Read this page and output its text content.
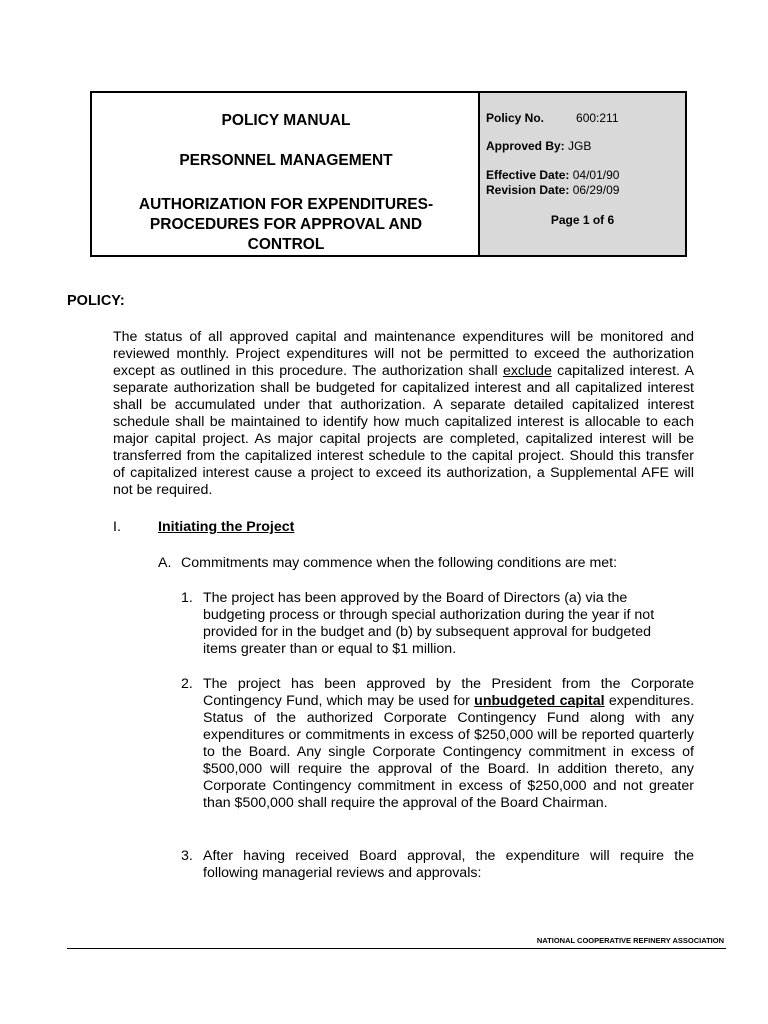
POLICY MANUAL
PERSONNEL MANAGEMENT
AUTHORIZATION FOR EXPENDITURES-
PROCEDURES FOR APPROVAL AND
CONTROL
Policy No.	600:211
Approved By: JGB
Effective Date: 04/01/90
Revision Date: 06/29/09
Page 1 of 6
POLICY:

The status of all approved capital and maintenance expenditures will be monitored and reviewed monthly. Project expenditures will not be permitted to exceed the authorization except as outlined in this procedure. The authorization shall exclude capitalized interest. A separate authorization shall be budgeted for capitalized interest and all capitalized interest shall be accumulated under that authorization. A separate detailed capitalized interest schedule shall be maintained to identify how much capitalized interest is allocable to each major capital project. As major capital projects are completed, capitalized interest will be transferred from the capitalized interest schedule to the capital project. Should this transfer of capitalized interest cause a project to exceed its authorization, a Supplemental AFE will not be required.

I.	Initiating the Project
A. Commitments may commence when the following conditions are met:
1. The project has been approved by the Board of Directors (a) via the budgeting process or through special authorization during the year if not provided for in the budget and (b) by subsequent approval for budgeted items greater than or equal to $1 million.

2. The project has been approved by the President from the Corporate Contingency Fund, which may be used for unbudgeted capital expenditures. Status of the authorized Corporate Contingency Fund along with any expenditures or commitments in excess of $250,000 will be reported quarterly to the Board. Any single Corporate Contingency commitment in excess of $500,000 will require the approval of the Board. In addition thereto, any Corporate Contingency commitment in excess of $250,000 and not greater than $500,000 shall require the approval of the Board Chairman.

3. After having received Board approval, the expenditure will require the following managerial reviews and approvals:

NATIONAL COOPERATIVE REFINERY ASSOCIATION
